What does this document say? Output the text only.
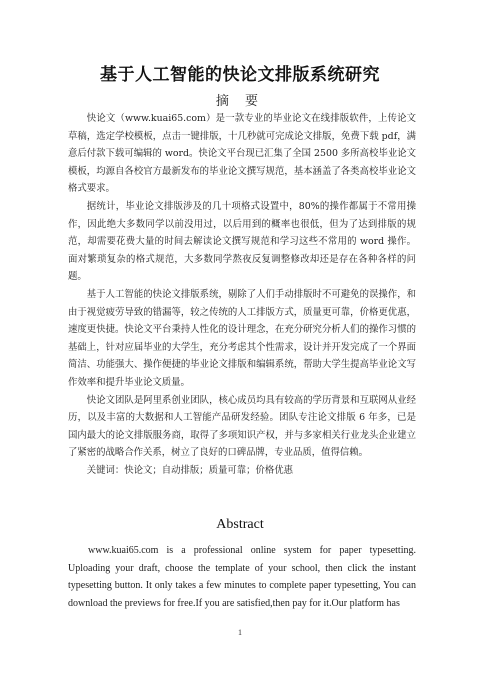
基于人工智能的快论文排版系统研究
摘 要

快论文（www.kuai65.com）是一款专业的毕业论文在线排版软件，上传论文草稿，选定学校模板，点击一键排版，十几秒就可完成论文排版，免费下载 pdf，满意后付款下载可编辑的 word。快论文平台现已汇集了全国 2500 多所高校毕业论文模板，均源自各校官方最新发布的毕业论文撰写规范，基本涵盖了各类高校毕业论文格式要求。

据统计，毕业论文排版涉及的几十项格式设置中，80%的操作都属于不常用操作，因此绝大多数同学以前没用过，以后用到的概率也很低，但为了达到排版的规范，却需要花费大量的时间去解读论文撰写规范和学习这些不常用的 word 操作。面对繁琐复杂的格式规范，大多数同学熬夜反复调整修改却还是存在各种各样的问题。

基于人工智能的快论文排版系统，剔除了人们手动排版时不可避免的误操作，和由于视觉疲劳导致的错漏等，较之传统的人工排版方式，质量更可靠，价格更优惠，速度更快捷。快论文平台秉持人性化的设计理念，在充分研究分析人们的操作习惯的基础上，针对应届毕业的大学生，充分考虑其个性需求，设计并开发完成了一个界面简洁、功能强大、操作便捷的毕业论文排版和编辑系统，帮助大学生提高毕业论文写作效率和提升毕业论文质量。

快论文团队是阿里系创业团队，核心成员均具有较高的学历背景和互联网从业经历，以及丰富的大数据和人工智能产品研发经验。团队专注论文排版 6 年多，已是国内最大的论文排版服务商，取得了多项知识产权，并与多家相关行业龙头企业建立了紧密的战略合作关系，树立了良好的口碑品牌，专业品质，值得信赖。

关键词：快论文；自动排版；质量可靠；价格优惠

Abstract

www.kuai65.com is a professional online system for paper typesetting. Uploading your draft, choose the template of your school, then click the instant typesetting button. It only takes a few minutes to complete paper typesetting, You can download the previews for free.If you are satisfied,then pay for it.Our platform has

1
